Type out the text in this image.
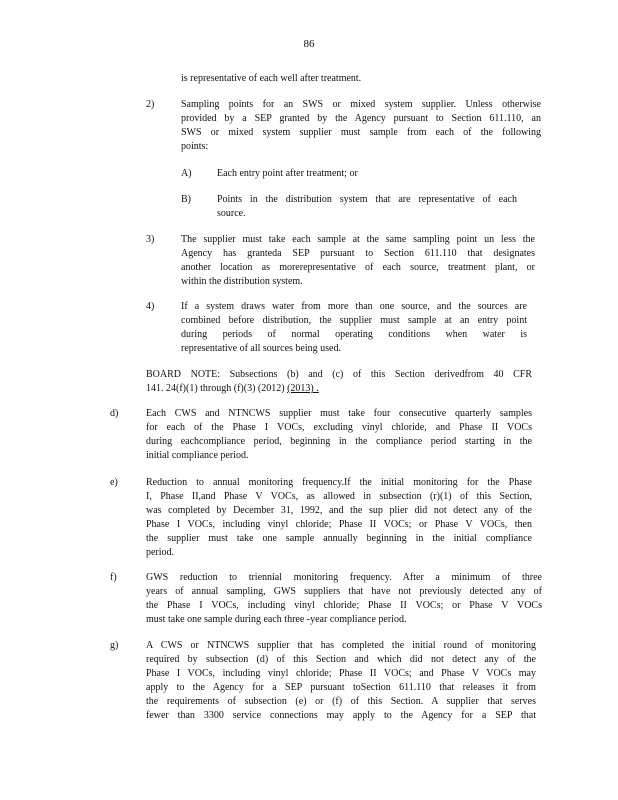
86
is representative of each well after treatment.
2)	Sampling points for an SWS or mixed system supplier. Unless otherwise
provided by a SEP granted by the Agency pursuant to Section 611.110, an
SWS or mixed system supplier must sample from each of the following
points:
A)	Each entry point after treatment; or
B)	Points in the distribution system that are representative of each
source.
3)	The supplier must take each sample at the same sampling point un less the
Agency has granteda SEP pursuant to Section 611.110 that designates
another location as morerepresentative of each source, treatment plant, or
within the distribution system.
4)	If a system draws water from more than one source, and the sources are
combined before distribution, the supplier must sample at an entry point
during periods of normal operating conditions when water is
representative of all sources being used.
BOARD NOTE: Subsections (b) and (c) of this Section derivedfrom 40 CFR
141. 24(f)(1) through (f)(3) (2012) (2013) .
d)	Each CWS and NTNCWS supplier must take four consecutive quarterly samples
for each of the Phase I VOCs, excluding vinyl chloride, and Phase II VOCs
during eachcompliance period, beginning in the compliance period starting in the
initial compliance period.
e)	Reduction to annual monitoring frequency.If the initial monitoring for the Phase
I, Phase II,and Phase V VOCs, as allowed in subsection (r)(1) of this Section,
was completed by December 31, 1992, and the sup plier did not detect any of the
Phase I VOCs, including vinyl chloride; Phase II VOCs; or Phase V VOCs, then
the supplier must take one sample annually beginning in the initial compliance
period.
f)	GWS reduction to triennial monitoring frequency. After a minimum of three
years of annual sampling, GWS suppliers that have not previously detected any of
the Phase I VOCs, including vinyl chloride; Phase II VOCs; or Phase V VOCs
must take one sample during each three -year compliance period.
g)	A CWS or NTNCWS supplier that has completed the initial round of monitoring
required by subsection (d) of this Section and which did not detect any of the
Phase I VOCs, including vinyl chloride; Phase II VOCs; and Phase V VOCs may
apply to the Agency for a SEP pursuant toSection 611.110 that releases it from
the requirements of subsection (e) or (f) of this Section. A supplier that serves
fewer than 3300 service connections may apply to the Agency for a SEP that
